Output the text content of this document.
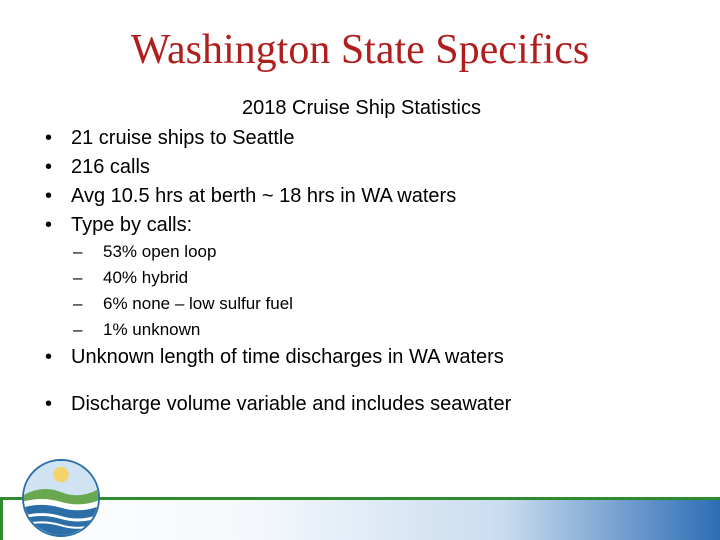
Washington State Specifics
2018 Cruise Ship Statistics
• 21 cruise ships to Seattle
• 216 calls
• Avg 10.5 hrs at berth ~ 18 hrs in WA waters
• Type by calls:
– 53% open loop
– 40% hybrid
– 6% none – low sulfur fuel
– 1% unknown
• Unknown length of time discharges in WA waters
• Discharge volume variable and includes seawater
